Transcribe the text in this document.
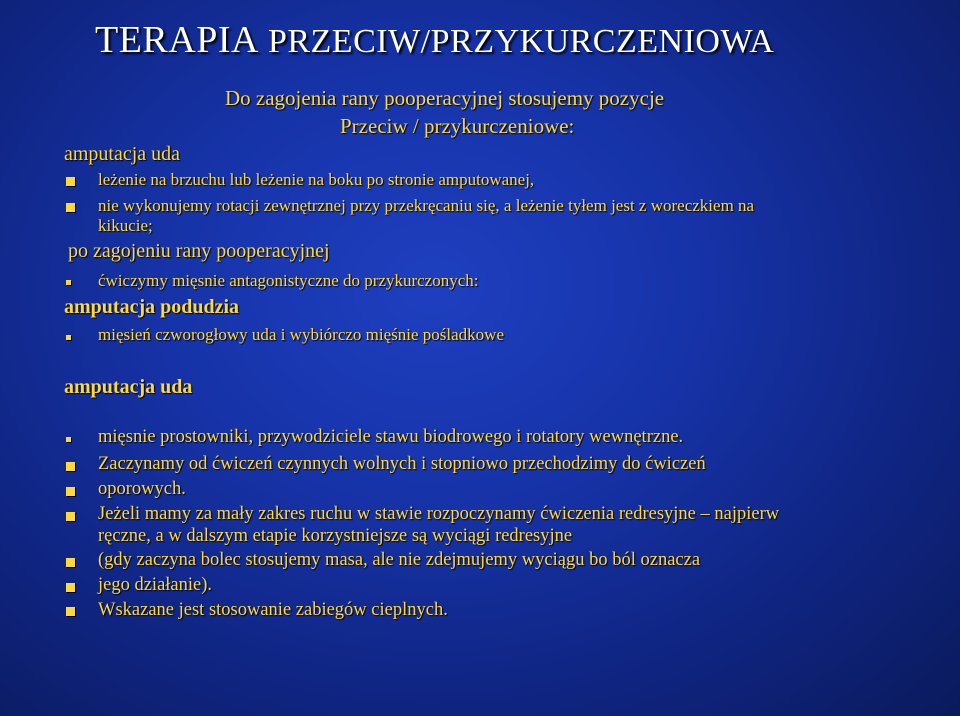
TERAPIA PRZECIW/PRZYKURCZENIOWA
Do zagojenia rany pooperacyjnej stosujemy pozycje
Przeciw / przykurczeniowe:
amputacja uda
leżenie na brzuchu lub leżenie na boku po stronie amputowanej,
nie wykonujemy rotacji zewnętrznej przy przekręcaniu się, a leżenie tyłem jest z woreczkiem na
kikucie;
po zagojeniu rany pooperacyjnej
ćwiczymy mięsnie antagonistyczne do przykurczonych:
amputacja podudzia
mięsień czworogłowy uda i wybiórczo mięśnie pośladkowe
amputacja uda
mięsnie prostowniki, przywodziciele stawu biodrowego i rotatory wewnętrzne.
Zaczynamy od ćwiczeń czynnych wolnych i stopniowo przechodzimy do ćwiczeń
oporowych.
Jeżeli mamy za mały zakres ruchu w stawie rozpoczynamy ćwiczenia redresyjne – najpierw
ręczne, a w dalszym etapie korzystniejsze są wyciągi redresyjne
(gdy zaczyna bolec stosujemy masa, ale nie zdejmujemy wyciągu bo ból oznacza
jego działanie).
Wskazane jest stosowanie zabiegów cieplnych.
